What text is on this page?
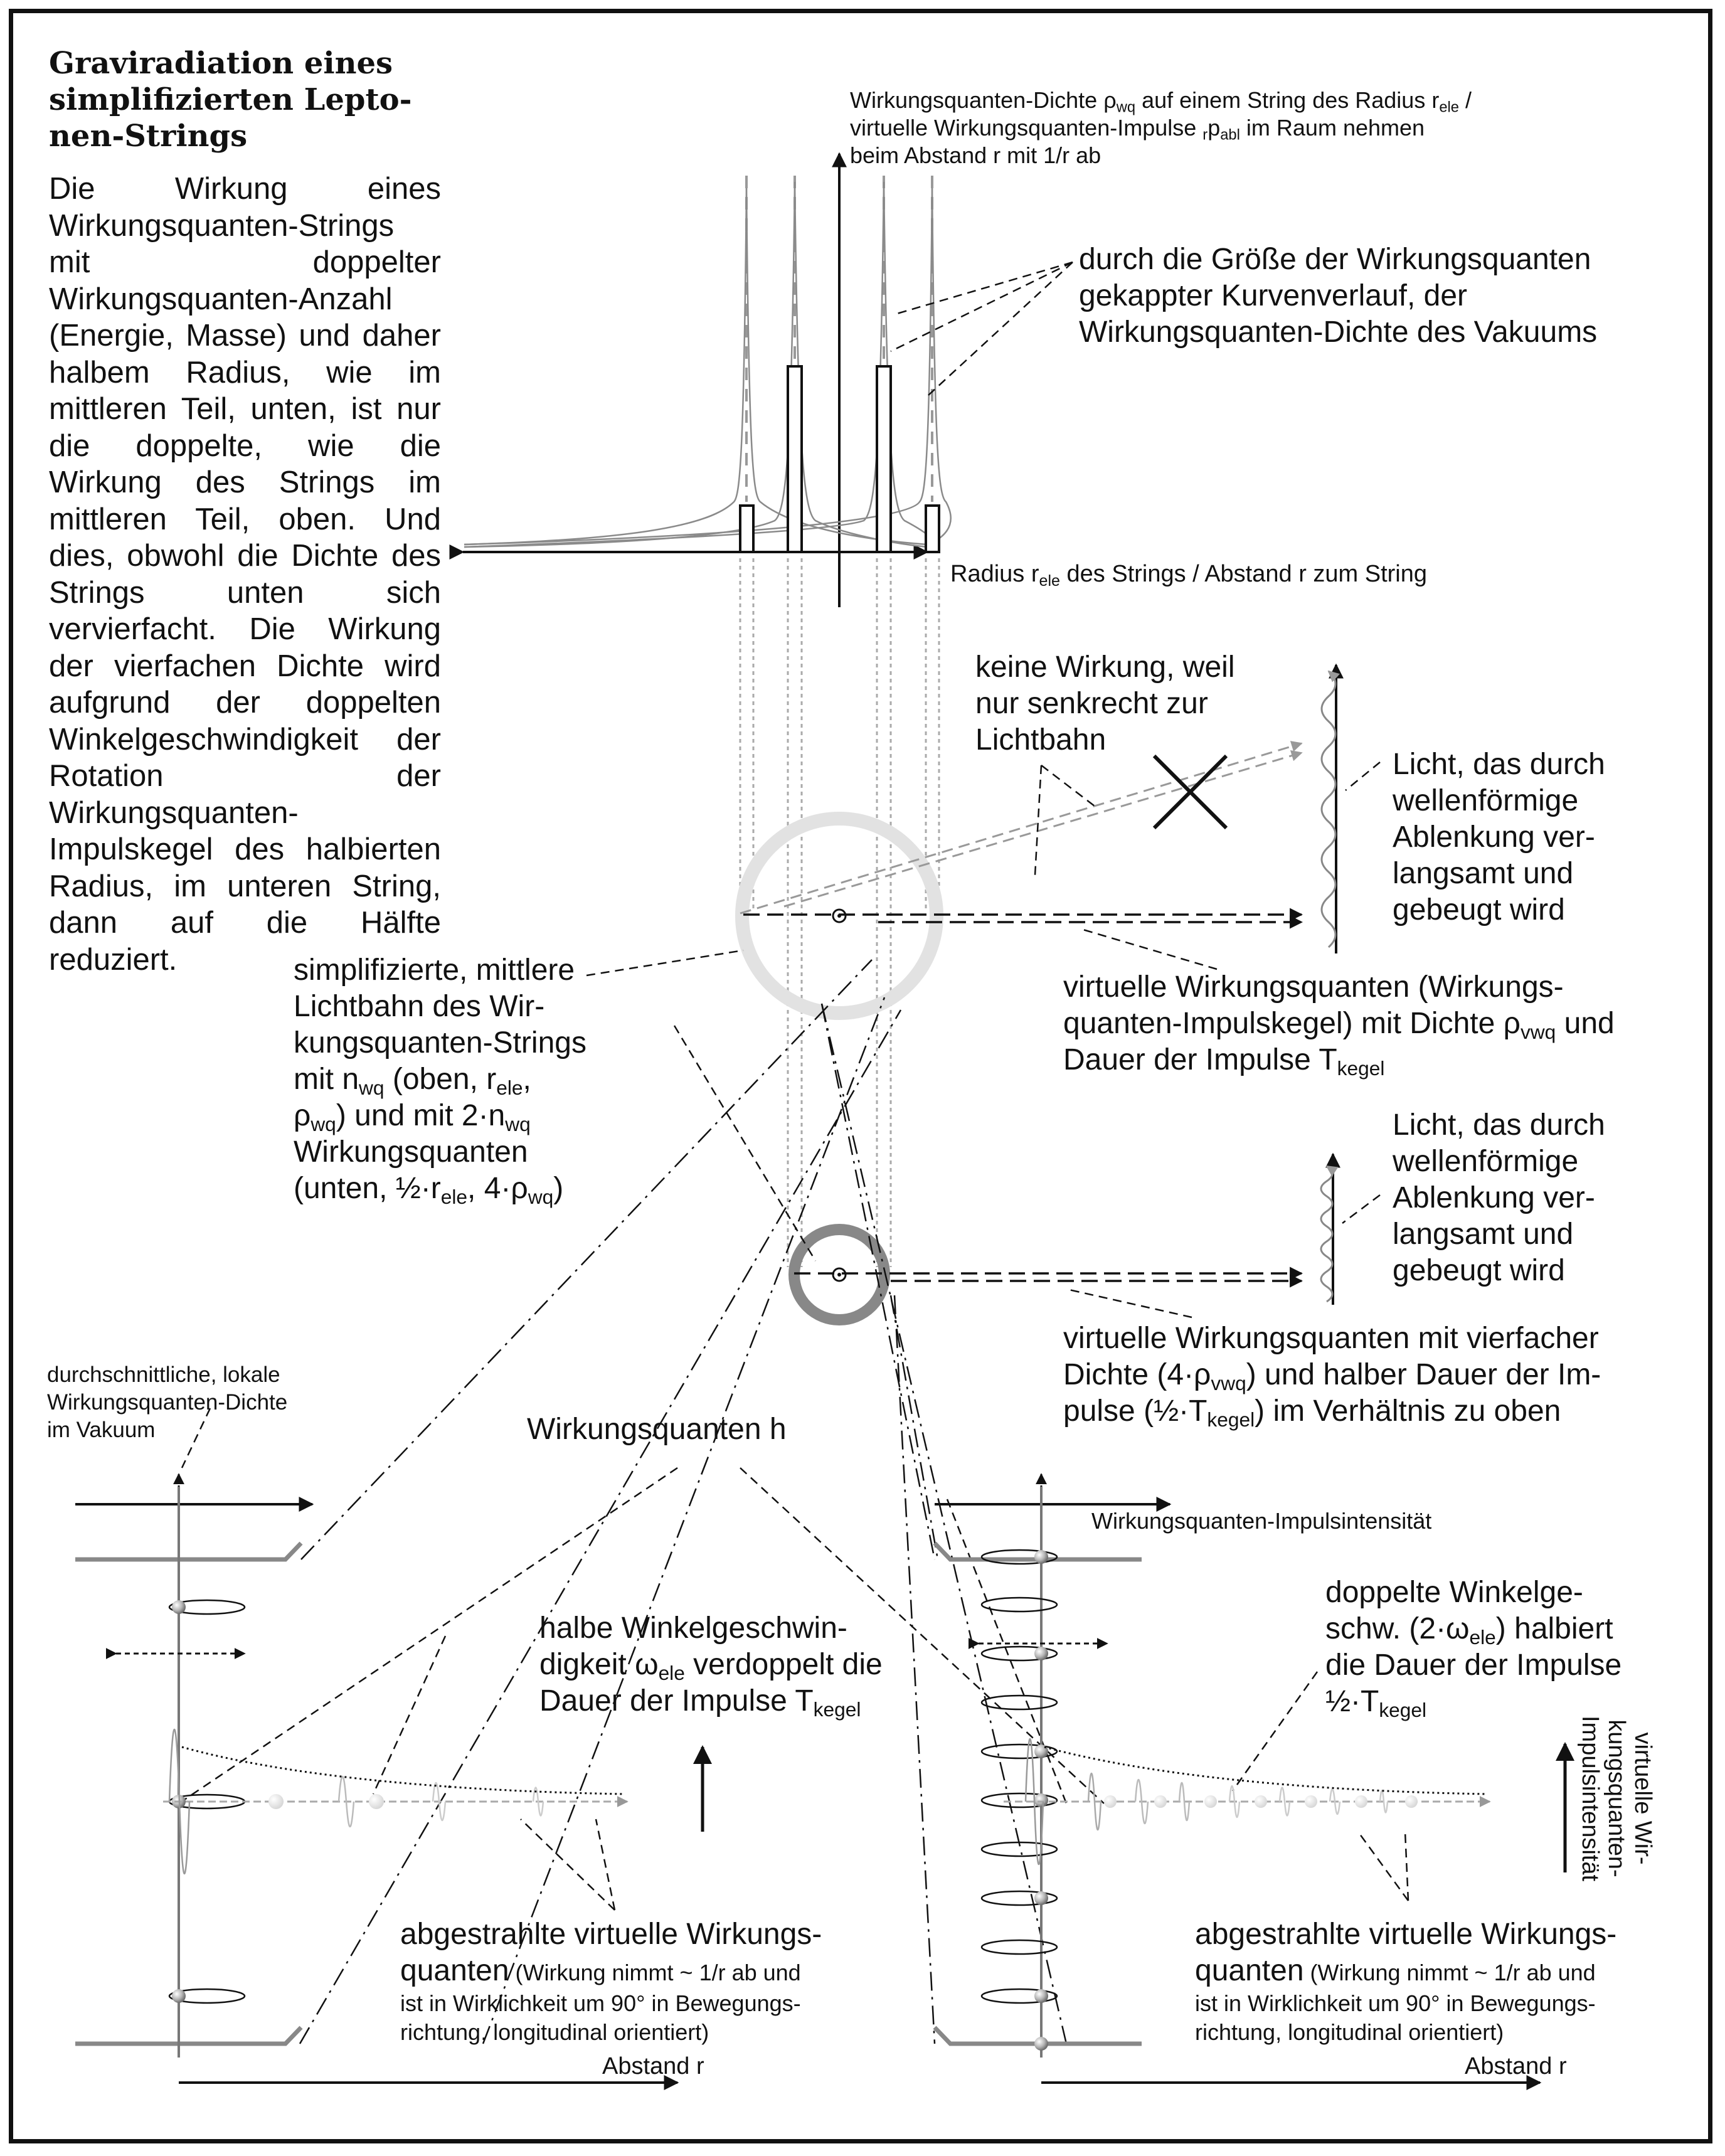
Graviradiation eines simplifizierten Lepto-nen-Strings
Die Wirkung eines Wirkungsquanten-Strings mit doppelter Wirkungsquanten-Anzahl (Energie, Masse) und daher halbem Radius, wie im mittleren Teil, unten, ist nur die doppelte, wie die Wirkung des Strings im mittleren Teil, oben. Und dies, obwohl die Dichte des Strings unten sich vervierfacht. Die Wirkung der vierfachen Dichte wird aufgrund der doppelten Winkelgeschwindigkeit der Rotation der Wirkungsquanten-Impulskegel des halbierten Radius, im unteren String, dann auf die Hälfte reduziert.
Wirkungsquanten-Dichte $\rho_{wq}$ auf einem String des Radius $r_{ele}$ /
virtuelle Wirkungsquanten-Impulse $_rp_{abl}$ im Raum nehmen
beim Abstand r mit 1/r ab
Radius $r_{ele}$ des Strings / Abstand r zum String
durch die Größe der Wirkungsquanten
gekappter Kurvenverlauf, der
Wirkungsquanten-Dichte des Vakuums
keine Wirkung, weil
nur senkrecht zur
Lichtbahn
Licht, das durch
wellenförmige
Ablenkung ver-
langsamt und
gebeugt wird
virtuelle Wirkungsquanten (Wirkungs-
quanten-Impulskegel) mit Dichte $\rho_{vwq}$ und
Dauer der Impulse $T_{kegel}$
simplifizierte, mittlere
Lichtbahn des Wir-
kungsquanten-Strings
mit $n_{wq}$ (oben, $r_{ele}$,
$\rho_{wq}$) und mit $2\cdot n_{wq}$
Wirkungsquanten
(unten, $\frac{1}{2}\cdot r_{ele}$, $4\cdot\rho_{wq}$)
Licht, das durch
wellenförmige
Ablenkung ver-
langsamt und
gebeugt wird
virtuelle Wirkungsquanten mit vierfacher
Dichte $(4\cdot\rho_{vwq})$ und halber Dauer der Im-
pulse $(\frac{1}{2}\cdot T_{kegel})$ im Verhältnis zu oben
durchschnittliche, lokale
Wirkungsquanten-Dichte
im Vakuum	Wirkungsquanten h
Wirkungsquanten-Impulsintensität
halbe Winkelgeschwin-
digkeit $\omega_{ele}$ verdoppelt die
Dauer der Impulse $T_{kegel}$
doppelte Winkelge-
schw. $(2\cdot\omega_{ele})$ halbiert
die Dauer der Impulse
$\frac{1}{2}\cdot T_{kegel}$
virtuelle Wir-
kungsquanten-
Impulsintensität
abgestrahlte virtuelle Wirkungs-
quanten (Wirkung nimmt ~ 1/r ab und
ist in Wirklichkeit um 90° in Bewegungs-
richtung, longitudinal orientiert)
abgestrahlte virtuelle Wirkungs-
quanten (Wirkung nimmt ~ 1/r ab und
ist in Wirklichkeit um 90° in Bewegungs-
richtung, longitudinal orientiert)
Abstand r	Abstand r
